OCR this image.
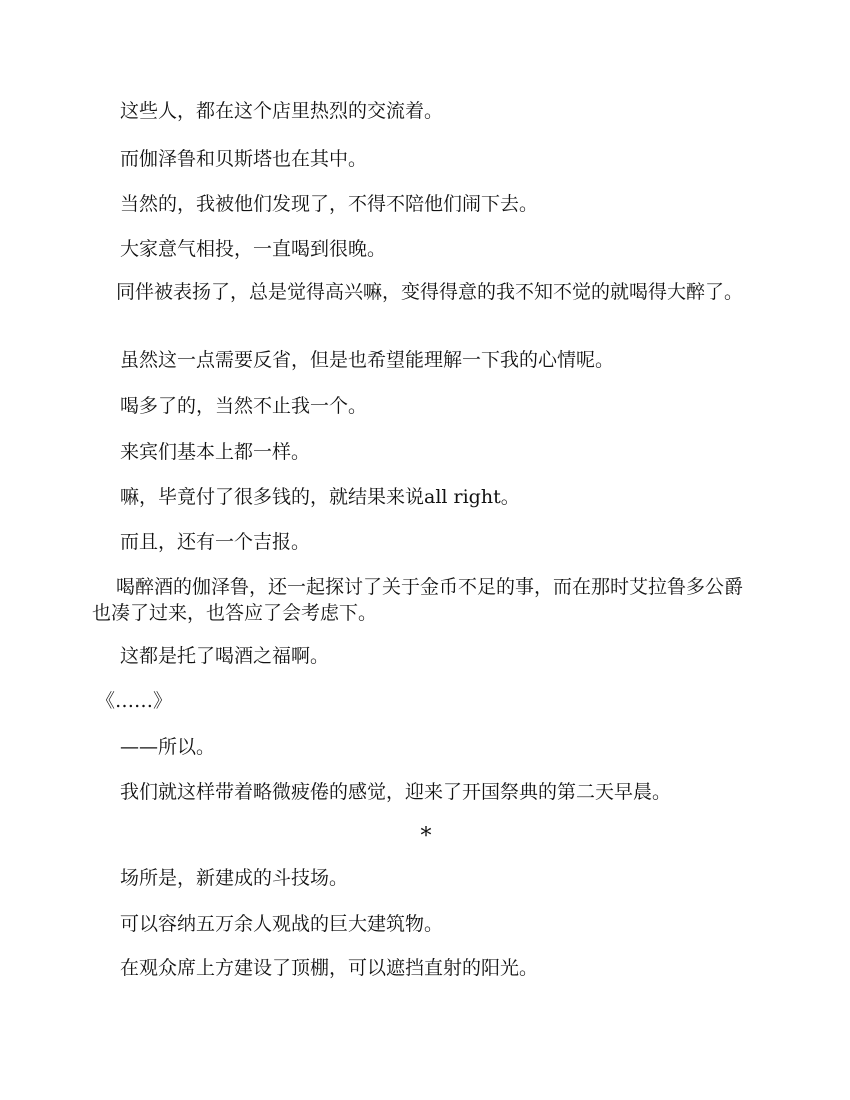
这些人，都在这个店里热烈的交流着。

而伽泽鲁和贝斯塔也在其中。

当然的，我被他们发现了，不得不陪他们闹下去。

大家意气相投，一直喝到很晚。

同伴被表扬了，总是觉得高兴嘛，变得得意的我不知不觉的就喝得大醉了。

虽然这一点需要反省，但是也希望能理解一下我的心情呢。

喝多了的，当然不止我一个。

来宾们基本上都一样。

嘛，毕竟付了很多钱的，就结果来说all right。

而且，还有一个吉报。

喝醉酒的伽泽鲁，还一起探讨了关于金币不足的事，而在那时艾拉鲁多公爵也凑了过来，也答应了会考虑下。

这都是托了喝酒之福啊。

《……》

——所以。

我们就这样带着略微疲倦的感觉，迎来了开国祭典的第二天早晨。

*

场所是，新建成的斗技场。

可以容纳五万余人观战的巨大建筑物。

在观众席上方建设了顶棚，可以遮挡直射的阳光。
